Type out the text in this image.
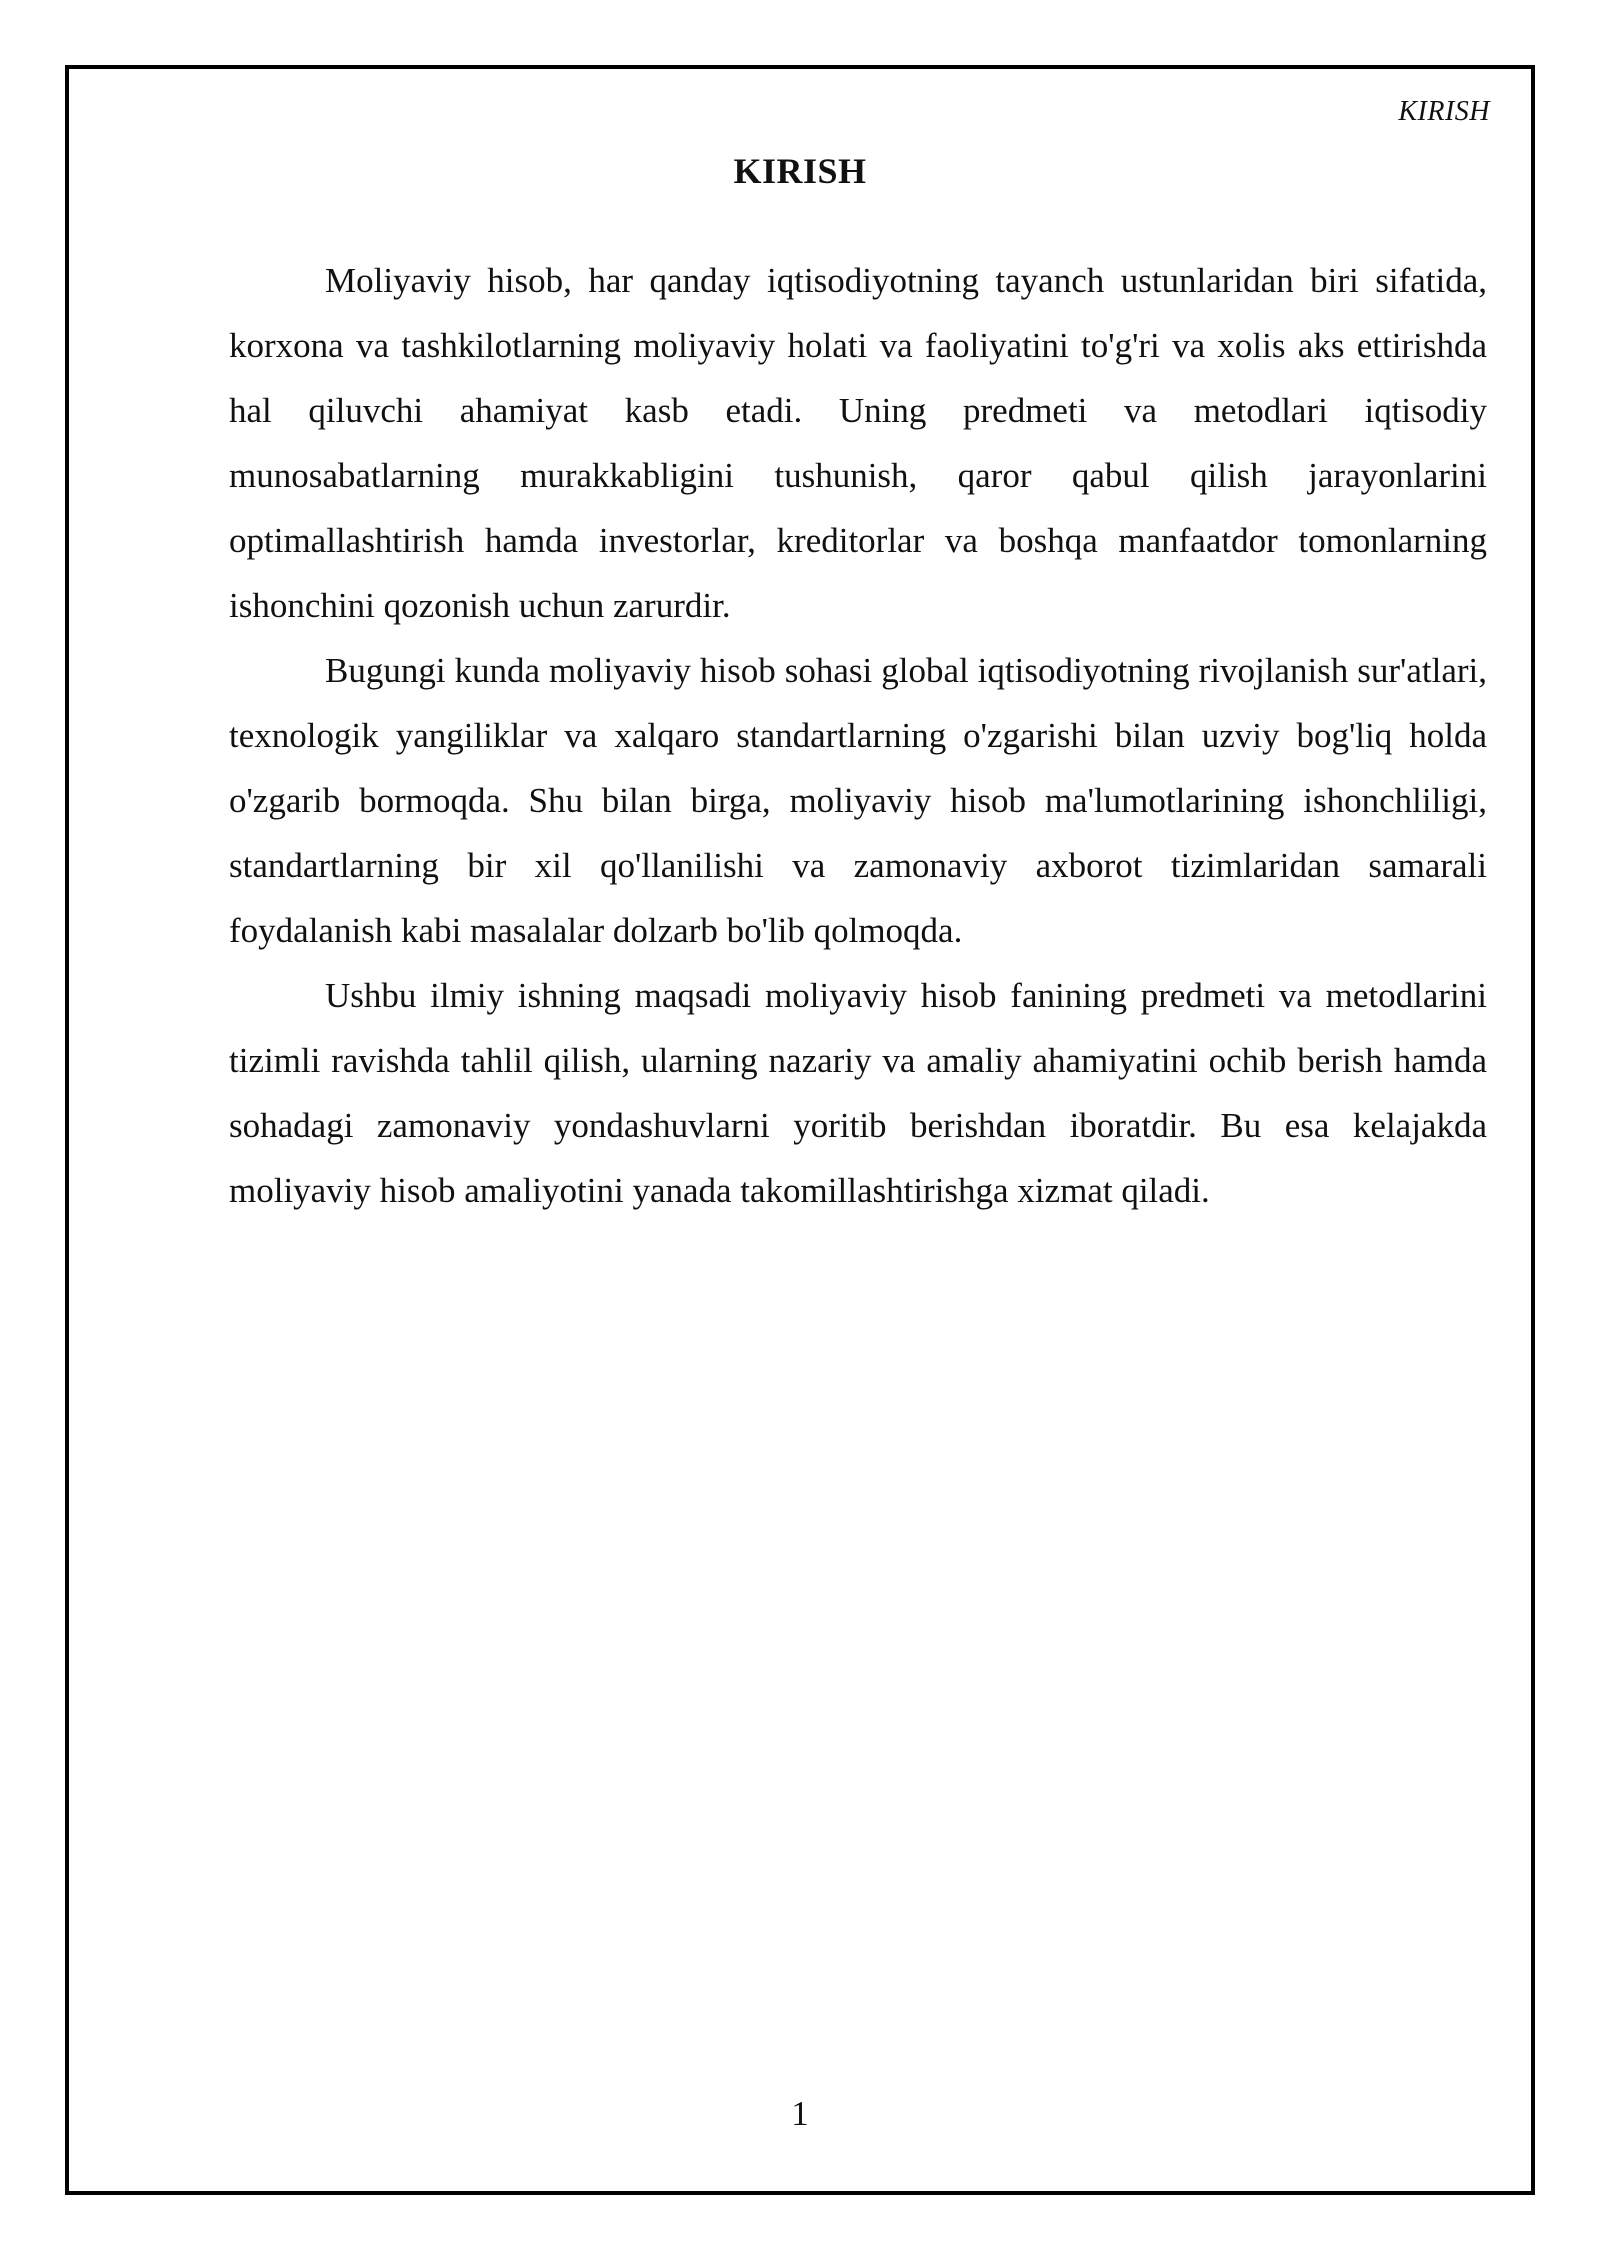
KIRISH
KIRISH

Moliyaviy hisob, har qanday iqtisodiyotning tayanch ustunlaridan biri sifatida, korxona va tashkilotlarning moliyaviy holati va faoliyatini to'g'ri va xolis aks ettirishda hal qiluvchi ahamiyat kasb etadi. Uning predmeti va metodlari iqtisodiy munosabatlarning murakkabligini tushunish, qaror qabul qilish jarayonlarini optimallashtirish hamda investorlar, kreditorlar va boshqa manfaatdor tomonlarning ishonchini qozonish uchun zarurdir.

Bugungi kunda moliyaviy hisob sohasi global iqtisodiyotning rivojlanish sur'atlari, texnologik yangiliklar va xalqaro standartlarning o'zgarishi bilan uzviy bog'liq holda o'zgarib bormoqda. Shu bilan birga, moliyaviy hisob ma'lumotlarining ishonchliligi, standartlarning bir xil qo'llanilishi va zamonaviy axborot tizimlaridan samarali foydalanish kabi masalalar dolzarb bo'lib qolmoqda.

Ushbu ilmiy ishning maqsadi moliyaviy hisob fanining predmeti va metodlarini tizimli ravishda tahlil qilish, ularning nazariy va amaliy ahamiyatini ochib berish hamda sohadagi zamonaviy yondashuvlarni yoritib berishdan iboratdir. Bu esa kelajakda moliyaviy hisob amaliyotini yanada takomillashtirishga xizmat qiladi.

1
